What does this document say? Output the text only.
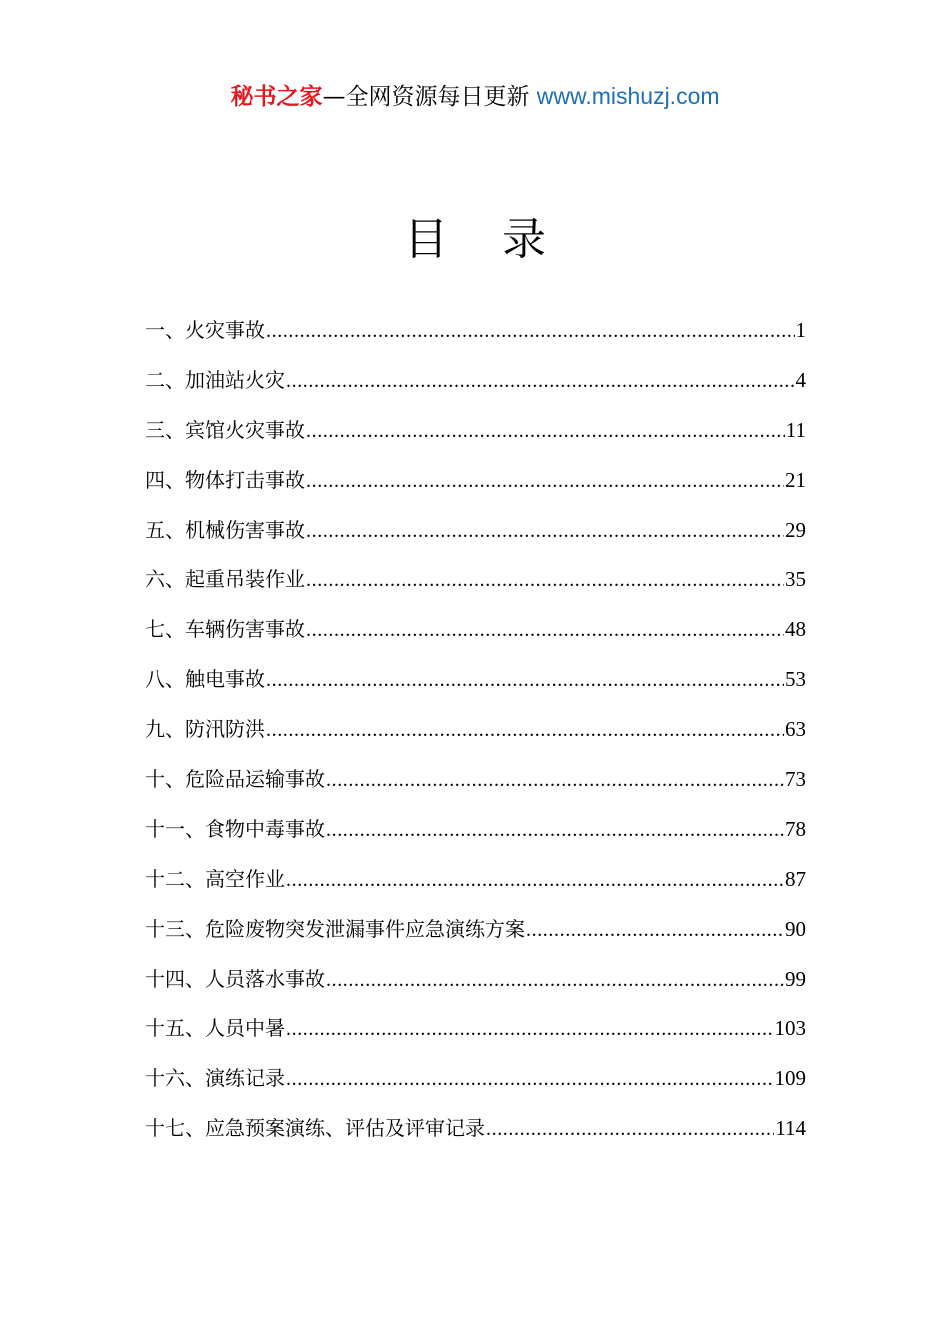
秘书之家—全网资源每日更新 www.mishuzj.com
目 录
一、火灾事故 .....	1
二、加油站火灾 .....	4
三、宾馆火灾事故 .....	11
四、物体打击事故 .....	21
五、机械伤害事故 .....	29
六、起重吊装作业 .....	35
七、车辆伤害事故 .....	48
八、触电事故 .....	53
九、防汛防洪 .....	63
十、危险品运输事故 .....	73
十一、食物中毒事故 .....	78
十二、高空作业 .....	87
十三、危险废物突发泄漏事件应急演练方案 .....	90
十四、人员落水事故 .....	99
十五、人员中暑 .....	103
十六、演练记录 .....	109
十七、应急预案演练、评估及评审记录 .....	114
